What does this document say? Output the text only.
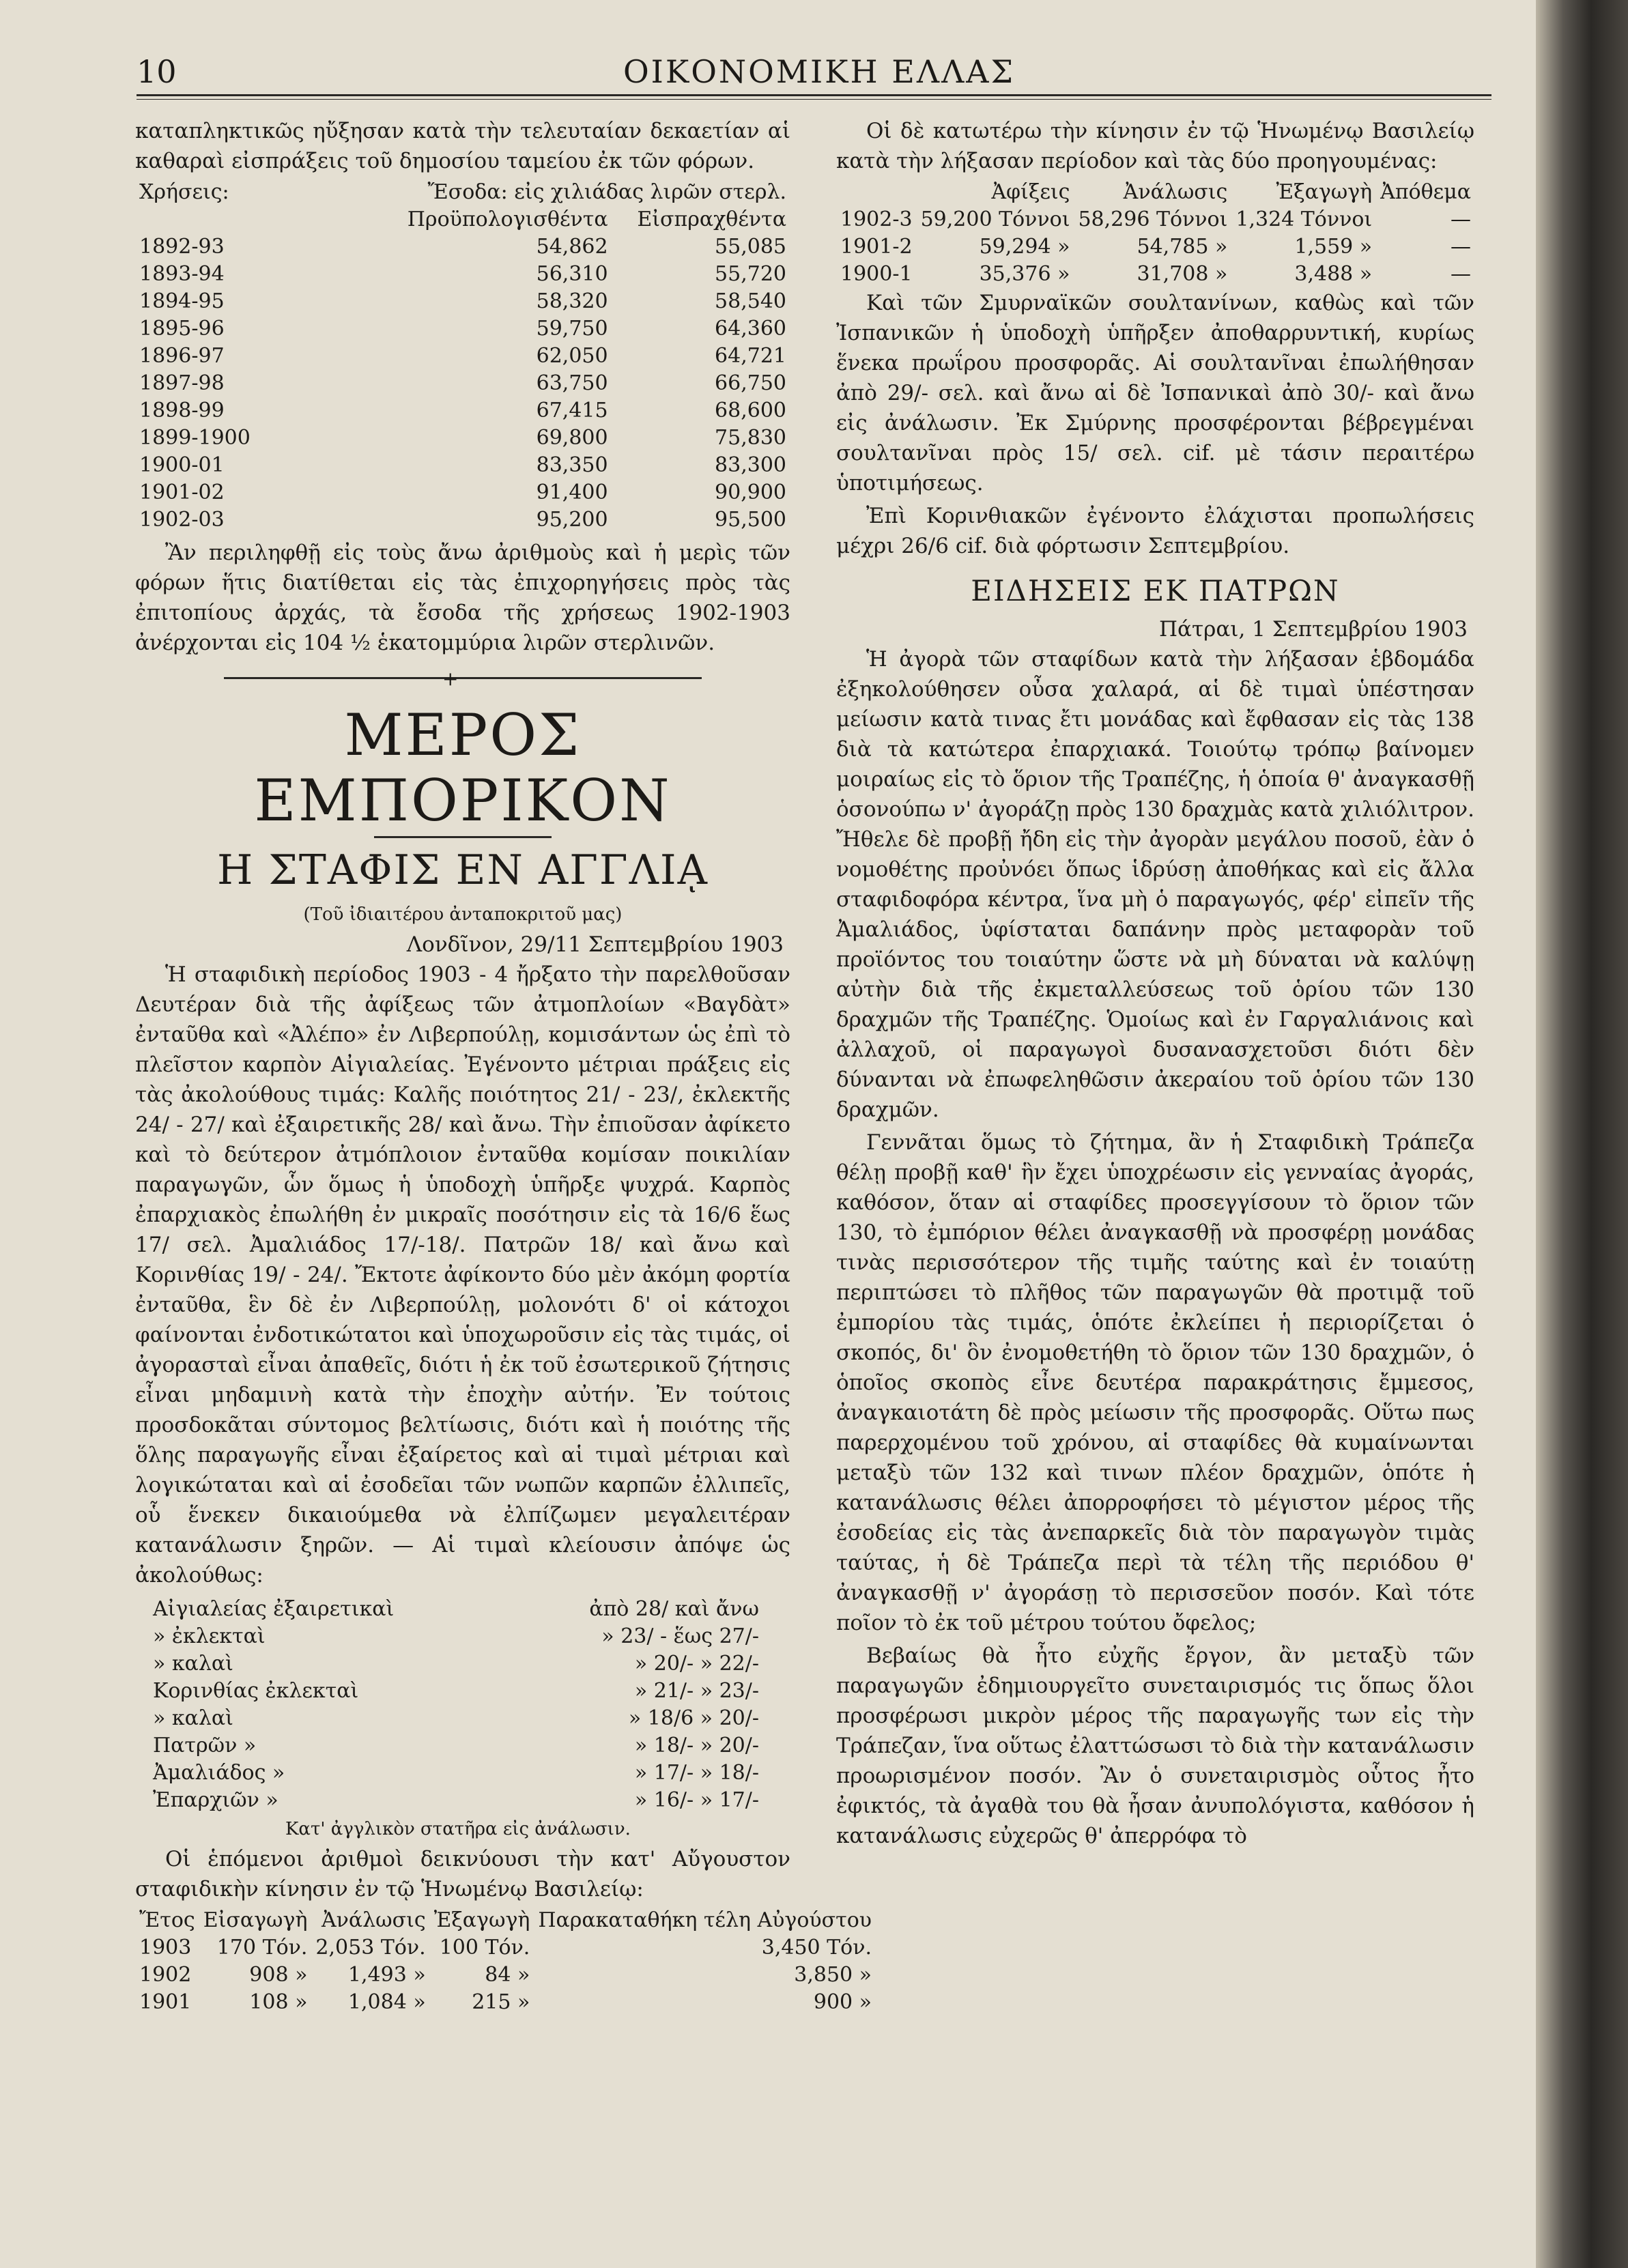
10	ΟΙΚΟΝΟΜΙΚΗ ΕΛΛΑΣ

καταπληκτικῶς ηὔξησαν κατὰ τὴν τελευταίαν δεκαετίαν αἱ καθαραὶ εἰσπράξεις τοῦ δημοσίου ταμείου ἐκ τῶν φόρων.

Χρήσεις:	Ἔσοδα: εἰς χιλιάδας λιρῶν στερλ.	
	Προϋπολογισθέντα	Εἰσπραχθέντα
1892-93	54,862	55,085
1893-94	56,310	55,720
1894-95	58,320	58,540
1895-96	59,750	64,360
1896-97	62,050	64,721
1897-98	63,750	66,750
1898-99	67,415	68,600
1899-1900	69,800	75,830
1900-01	83,350	83,300
1901-02	91,400	90,900
1902-03	95,200	95,500

Ἂν περιληφθῇ εἰς τοὺς ἄνω ἀριθμοὺς καὶ ἡ μερὶς τῶν φόρων ἥτις διατίθεται εἰς τὰς ἐπιχορηγήσεις πρὸς τὰς ἐπιτοπίους ἀρχάς, τὰ ἔσοδα τῆς χρήσεως 1902-1903 ἀνέρχονται εἰς 104 ½ ἑκατομμύρια λιρῶν στερλινῶν.

+
ΜΕΡΟΣ ΕΜΠΟΡΙΚΟΝ
Η ΣΤΑΦΙΣ ΕΝ ΑΓΓΛΙᾼ
(Τοῦ ἰδιαιτέρου ἀνταποκριτοῦ μας)
Λονδῖνον, 29/11 Σεπτεμβρίου 1903

Ἡ σταφιδικὴ περίοδος 1903 - 4 ἤρξατο τὴν παρελθοῦσαν Δευτέραν διὰ τῆς ἀφίξεως τῶν ἀτμοπλοίων «Βαγδὰτ» ἐνταῦθα καὶ «Ἀλέπο» ἐν Λιβερπούλῃ, κομισάντων ὡς ἐπὶ τὸ πλεῖστον καρπὸν Αἰγιαλείας. Ἐγένοντο μέτριαι πράξεις εἰς τὰς ἀκολούθους τιμάς: Καλῆς ποιότητος 21/ - 23/, ἐκλεκτῆς 24/ - 27/ καὶ ἐξαιρετικῆς 28/ καὶ ἄνω. Τὴν ἐπιοῦσαν ἀφίκετο καὶ τὸ δεύτερον ἀτμόπλοιον ἐνταῦθα κομίσαν ποικιλίαν παραγωγῶν, ὧν ὅμως ἡ ὑποδοχὴ ὑπῆρξε ψυχρά. Καρπὸς ἐπαρχιακὸς ἐπωλήθη ἐν μικραῖς ποσότησιν εἰς τὰ 16/6 ἕως 17/ σελ. Ἀμαλιάδος 17/-18/. Πατρῶν 18/ καὶ ἄνω καὶ Κορινθίας 19/ - 24/. Ἔκτοτε ἀφίκοντο δύο μὲν ἀκόμη φορτία ἐνταῦθα, ἓν δὲ ἐν Λιβερπούλῃ, μολονότι δ' οἱ κάτοχοι φαίνονται ἐνδοτικώτατοι καὶ ὑποχωροῦσιν εἰς τὰς τιμάς, οἱ ἀγορασταὶ εἶναι ἀπαθεῖς, διότι ἡ ἐκ τοῦ ἐσωτερικοῦ ζήτησις εἶναι μηδαμινὴ κατὰ τὴν ἐποχὴν αὐτήν. Ἐν τούτοις προσδοκᾶται σύντομος βελτίωσις, διότι καὶ ἡ ποιότης τῆς ὅλης παραγωγῆς εἶναι ἐξαίρετος καὶ αἱ τιμαὶ μέτριαι καὶ λογικώταται καὶ αἱ ἐσοδεῖαι τῶν νωπῶν καρπῶν ἐλλιπεῖς, οὗ ἕνεκεν δικαιούμεθα νὰ ἐλπίζωμεν μεγαλειτέραν κατανάλωσιν ξηρῶν. — Αἱ τιμαὶ κλείουσιν ἀπόψε ὡς ἀκολούθως:

Αἰγιαλείας ἐξαιρετικαὶ	ἀπὸ 28/ καὶ ἄνω
» ἐκλεκταὶ	» 23/ - ἕως 27/-
» καλαὶ	» 20/- » 22/-
Κορινθίας ἐκλεκταὶ	» 21/- » 23/-
» καλαὶ	» 18/6 » 20/-
Πατρῶν »	» 18/- » 20/-
Ἀμαλιάδος »	» 17/- » 18/-
Ἐπαρχιῶν »	» 16/- » 17/-
Κατ' ἀγγλικὸν στατῆρα εἰς ἀνάλωσιν.

Οἱ ἑπόμενοι ἀριθμοὶ δεικνύουσι τὴν κατ' Αὔγουστον σταφιδικὴν κίνησιν ἐν τῷ Ἡνωμένῳ Βασιλείῳ:

Ἔτος	Εἰσαγωγὴ	Ἀνάλωσις	Ἐξαγωγὴ	Παρακαταθήκη τέλη Αὐγούστου
1903	170 Τόν.	2,053 Τόν.	100 Τόν.	3,450 Τόν.
1902	908 »	1,493 »	84 »	3,850 »
1901	108 »	1,084 »	215 »	900 »

Οἱ δὲ κατωτέρω τὴν κίνησιν ἐν τῷ Ἡνωμένῳ Βασιλείῳ κατὰ τὴν λήξασαν περίοδον καὶ τὰς δύο προηγουμένας:

	Ἀφίξεις	Ἀνάλωσις	Ἐξαγωγὴ	Ἀπόθεμα
1902-3	59,200 Τόννοι	58,296 Τόννοι	1,324 Τόννοι	—
1901-2	59,294 »	54,785 »	1,559 »	—
1900-1	35,376 »	31,708 »	3,488 »	—

Καὶ τῶν Σμυρναϊκῶν σουλτανίνων, καθὼς καὶ τῶν Ἰσπανικῶν ἡ ὑποδοχὴ ὑπῆρξεν ἀποθαρρυντική, κυρίως ἕνεκα πρωΐρου προσφορᾶς. Αἱ σουλτανῖναι ἐπωλήθησαν ἀπὸ 29/- σελ. καὶ ἄνω αἱ δὲ Ἰσπανικαὶ ἀπὸ 30/- καὶ ἄνω εἰς ἀνάλωσιν. Ἐκ Σμύρνης προσφέρονται βέβρεγμέναι σουλτανῖναι πρὸς 15/ σελ. cif. μὲ τάσιν περαιτέρω ὑποτιμήσεως.

Ἐπὶ Κορινθιακῶν ἐγένοντο ἐλάχισται προπωλήσεις μέχρι 26/6 cif. διὰ φόρτωσιν Σεπτεμβρίου.

ΕΙΔΗΣΕΙΣ ΕΚ ΠΑΤΡΩΝ
Πάτραι, 1 Σεπτεμβρίου 1903

Ἡ ἀγορὰ τῶν σταφίδων κατὰ τὴν λήξασαν ἑβδομάδα ἐξηκολούθησεν οὖσα χαλαρά, αἱ δὲ τιμαὶ ὑπέστησαν μείωσιν κατὰ τινας ἔτι μονάδας καὶ ἔφθασαν εἰς τὰς 138 διὰ τὰ κατώτερα ἐπαρχιακά. Τοιούτῳ τρόπῳ βαίνομεν μοιραίως εἰς τὸ ὅριον τῆς Τραπέζης, ἡ ὁποία θ' ἀναγκασθῇ ὁσονούπω ν' ἀγοράζῃ πρὸς 130 δραχμὰς κατὰ χιλιόλιτρον. Ἤθελε δὲ προβῇ ἤδη εἰς τὴν ἀγορὰν μεγάλου ποσοῦ, ἐὰν ὁ νομοθέτης προὐνόει ὅπως ἱδρύσῃ ἀποθήκας καὶ εἰς ἄλλα σταφιδοφόρα κέντρα, ἵνα μὴ ὁ παραγωγός, φέρ' εἰπεῖν τῆς Ἀμαλιάδος, ὑφίσταται δαπάνην πρὸς μεταφορὰν τοῦ προϊόντος του τοιαύτην ὥστε νὰ μὴ δύναται νὰ καλύψῃ αὐτὴν διὰ τῆς ἐκμεταλλεύσεως τοῦ ὁρίου τῶν 130 δραχμῶν τῆς Τραπέζης. Ὁμοίως καὶ ἐν Γαργαλιάνοις καὶ ἀλλαχοῦ, οἱ παραγωγοὶ δυσανασχετοῦσι διότι δὲν δύνανται νὰ ἐπωφεληθῶσιν ἀκεραίου τοῦ ὁρίου τῶν 130 δραχμῶν.

Γεννᾶται ὅμως τὸ ζήτημα, ἂν ἡ Σταφιδικὴ Τράπεζα θέλῃ προβῇ καθ' ἣν ἔχει ὑποχρέωσιν εἰς γενναίας ἀγοράς, καθόσον, ὅταν αἱ σταφίδες προσεγγίσουν τὸ ὅριον τῶν 130, τὸ ἐμπόριον θέλει ἀναγκασθῇ νὰ προσφέρῃ μονάδας τινὰς περισσότερον τῆς τιμῆς ταύτης καὶ ἐν τοιαύτῃ περιπτώσει τὸ πλῆθος τῶν παραγωγῶν θὰ προτιμᾷ τοῦ ἐμπορίου τὰς τιμάς, ὁπότε ἐκλείπει ἡ περιορίζεται ὁ σκοπός, δι' ὃν ἐνομοθετήθη τὸ ὅριον τῶν 130 δραχμῶν, ὁ ὁποῖος σκοπὸς εἶνε δευτέρα παρακράτησις ἔμμεσος, ἀναγκαιοτάτη δὲ πρὸς μείωσιν τῆς προσφορᾶς. Οὕτω πως παρερχομένου τοῦ χρόνου, αἱ σταφίδες θὰ κυμαίνωνται μεταξὺ τῶν 132 καὶ τινων πλέον δραχμῶν, ὁπότε ἡ κατανάλωσις θέλει ἀπορροφήσει τὸ μέγιστον μέρος τῆς ἐσοδείας εἰς τὰς ἀνεπαρκεῖς διὰ τὸν παραγωγὸν τιμὰς ταύτας, ἡ δὲ Τράπεζα περὶ τὰ τέλη τῆς περιόδου θ' ἀναγκασθῇ ν' ἀγοράσῃ τὸ περισσεῦον ποσόν. Καὶ τότε ποῖον τὸ ἐκ τοῦ μέτρου τούτου ὄφελος;

Βεβαίως θὰ ἦτο εὐχῆς ἔργον, ἂν μεταξὺ τῶν παραγωγῶν ἐδημιουργεῖτο συνεταιρισμός τις ὅπως ὅλοι προσφέρωσι μικρὸν μέρος τῆς παραγωγῆς των εἰς τὴν Τράπεζαν, ἵνα οὕτως ἐλαττώσωσι τὸ διὰ τὴν κατανάλωσιν προωρισμένον ποσόν. Ἂν ὁ συνεταιρισμὸς οὗτος ἦτο ἐφικτός, τὰ ἀγαθὰ του θὰ ἦσαν ἀνυπολόγιστα, καθόσον ἡ κατανάλωσις εὐχερῶς θ' ἀπερρόφα τὸ
